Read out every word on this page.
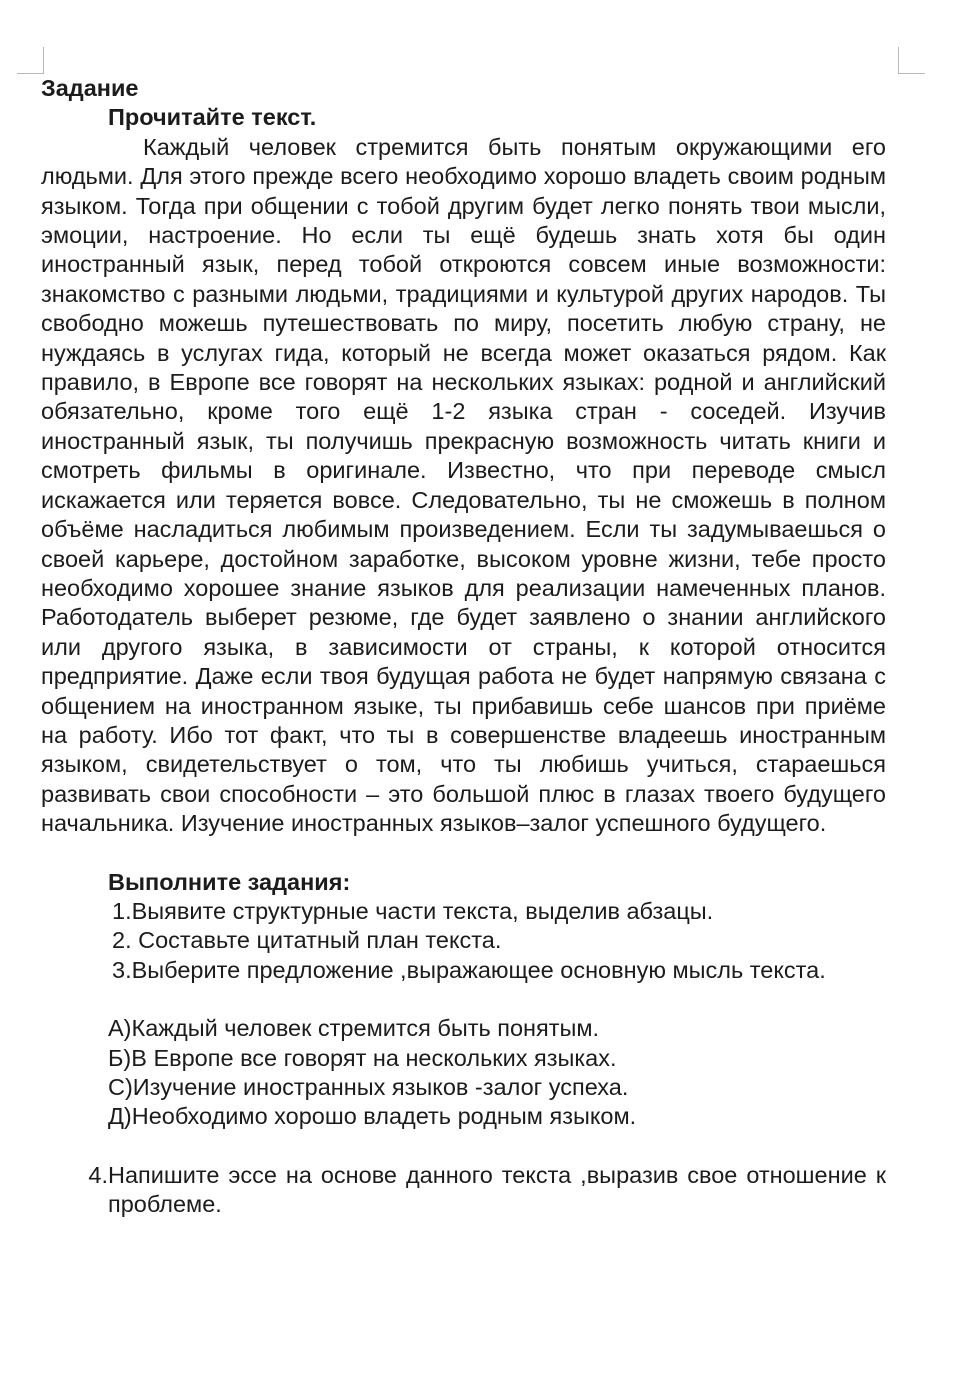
Задание
Прочитайте текст.

Каждый человек стремится быть понятым окружающими его людьми. Для этого прежде всего необходимо хорошо владеть своим родным языком. Тогда при общении с тобой другим будет легко понять твои мысли, эмоции, настроение. Но если ты ещё будешь знать хотя бы один иностранный язык, перед тобой откроются совсем иные возможности: знакомство с разными людьми, традициями и культурой других народов. Ты свободно можешь путешествовать по миру, посетить любую страну, не нуждаясь в услугах гида, который не всегда может оказаться рядом. Как правило, в Европе все говорят на нескольких языках: родной и английский обязательно, кроме того ещё 1-2 языка стран - соседей. Изучив иностранный язык, ты получишь прекрасную возможность читать книги и смотреть фильмы в оригинале. Известно, что при переводе смысл искажается или теряется вовсе. Следовательно, ты не сможешь в полном объёме насладиться любимым произведением. Если ты задумываешься о своей карьере, достойном заработке, высоком уровне жизни, тебе просто необходимо хорошее знание языков для реализации намеченных планов. Работодатель выберет резюме, где будет заявлено о знании английского или другого языка, в зависимости от страны, к которой относится предприятие. Даже если твоя будущая работа не будет напрямую связана с общением на иностранном языке, ты прибавишь себе шансов при приёме на работу. Ибо тот факт, что ты в совершенстве владеешь иностранным языком, свидетельствует о том, что ты любишь учиться, стараешься развивать свои способности – это большой плюс в глазах твоего будущего начальника. Изучение иностранных языков–залог успешного будущего.

Выполните задания:
1.Выявите структурные части текста, выделив абзацы.
2. Составьте цитатный план текста.
3.Выберите предложение ,выражающее основную мысль текста.
А)Каждый человек стремится быть понятым.
Б)В Европе все говорят на нескольких языках.
С)Изучение иностранных языков -залог успеха.
Д)Необходимо хорошо владеть родным языком.
4. Напишите эссе на основе данного текста ,выразив свое отношение к проблеме.
